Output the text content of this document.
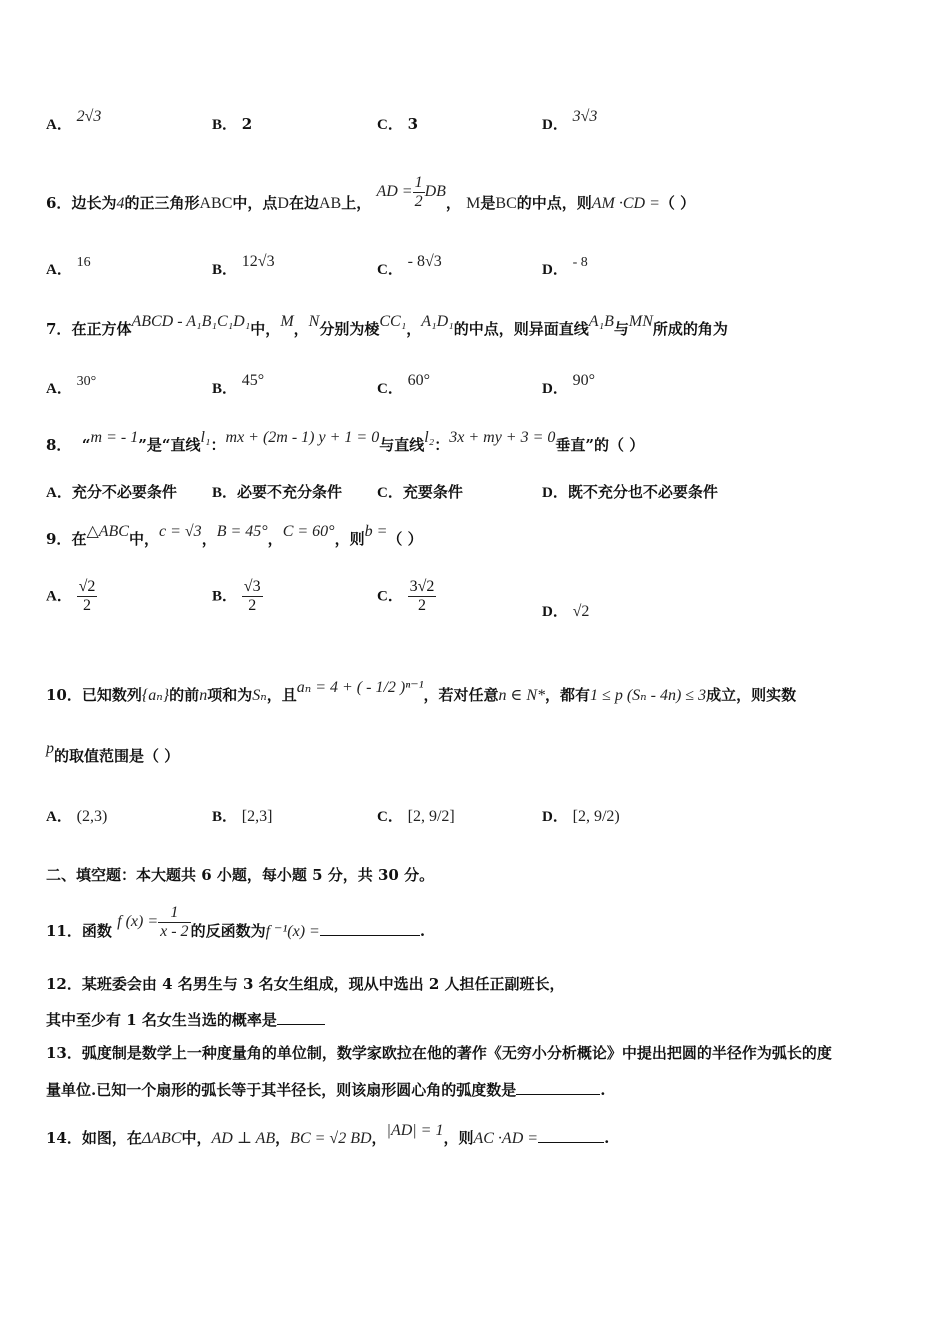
A． 2√3	B． 2	C． 3	D． 3√3
6．边长为4的正三角形ABC中，点D在边AB上， AD = $\frac{1}{2}$ DB， M是BC的中点，则AM ·CD =（ ）
A． 16	B． 12√3	C． - 8√3	D． - 8
7．在正方体ABCD - A₁B₁C₁D₁中，M，N分别为棱CC₁，A₁D₁的中点，则异面直线A₁B与MN所成的角为
A． 30°	B． 45°	C． 60°	D． 90°
8． “m = - 1”是“直线l₁：mx + (2m - 1) y + 1 = 0与直线l₂：3x + my + 3 = 0垂直”的（ ）
A．充分不必要条件 B．必要不充分条件 C．充要条件	D．既不充分也不必要条件
9．在△ABC中，c = √3，B = 45°，C = 60°，则b =（ ）
A． $\frac{√2}{2}$	B． $\frac{√3}{2}$	C． $\frac{3√2}{2}$	D． √2
10．已知数列{aₙ}的前n项和为Sₙ，且aₙ = 4 + ( - 1/2 )ⁿ⁻¹，若对任意n ∈ N*，都有1 ≤ p (Sₙ - 4n) ≤ 3成立，则实数
p的取值范围是（ ）
A． (2,3)	B． [2,3]	C． [2, 9/2]	D． [2, 9/2)
二、填空题：本大题共 6 小题，每小题 5 分，共 30 分。
11．函数 f $(x) = \frac{1}{x - 2}$ 的反函数为f ⁻¹(x) =	.
12．某班委会由 4 名男生与 3 名女生组成，现从中选出 2 人担任正副班长，
其中至少有 1 名女生当选的概率是
13．弧度制是数学上一种度量角的单位制，数学家欧拉在他的著作《无穷小分析概论》中提出把圆的半径作为弧长的度
量单位.已知一个扇形的弧长等于其半径长，则该扇形圆心角的弧度数是	.
14．如图，在ΔABC中，AD ⊥ AB，BC = √2 BD，|AD| = 1，则AC ·AD =	.
